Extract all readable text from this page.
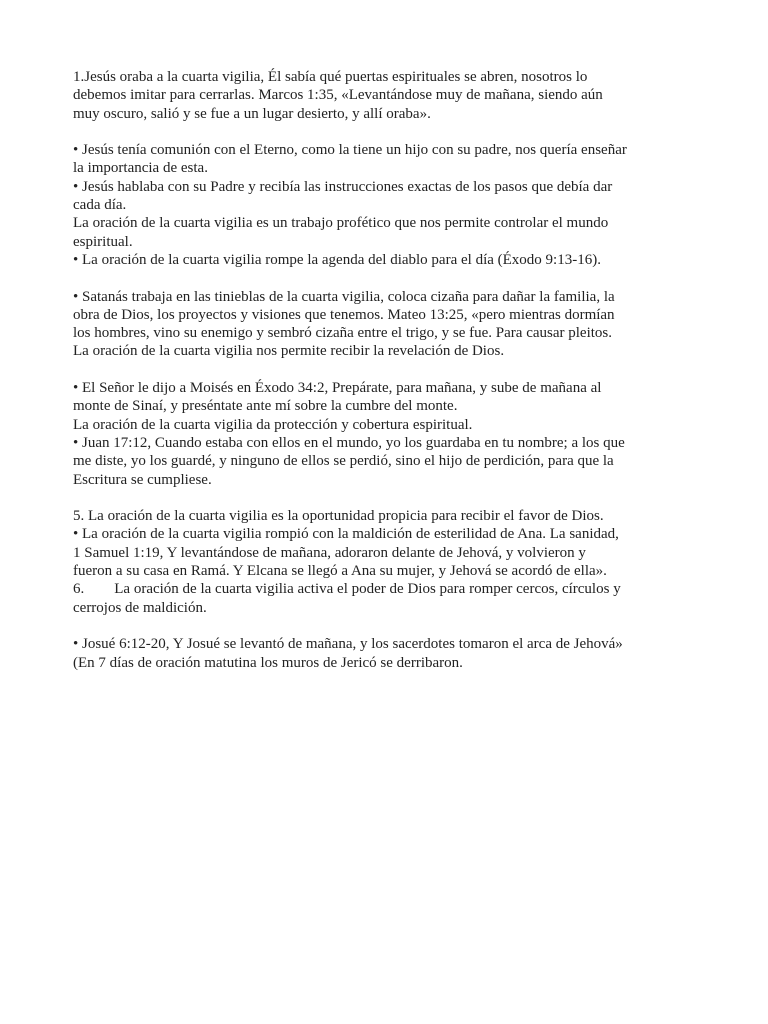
1.Jesús oraba a la cuarta vigilia, Él sabía qué puertas espirituales se abren, nosotros lo
debemos imitar para cerrarlas. Marcos 1:35, «Levantándose muy de mañana, siendo aún
muy oscuro, salió y se fue a un lugar desierto, y allí oraba».
• Jesús tenía comunión con el Eterno, como la tiene un hijo con su padre, nos quería enseñar
la importancia de esta.
• Jesús hablaba con su Padre y recibía las instrucciones exactas de los pasos que debía dar
cada día.
La oración de la cuarta vigilia es un trabajo profético que nos permite controlar el mundo
espiritual.
• La oración de la cuarta vigilia rompe la agenda del diablo para el día (Éxodo 9:13-16).
• Satanás trabaja en las tinieblas de la cuarta vigilia, coloca cizaña para dañar la familia, la
obra de Dios, los proyectos y visiones que tenemos. Mateo 13:25, «pero mientras dormían
los hombres, vino su enemigo y sembró cizaña entre el trigo, y se fue. Para causar pleitos.
La oración de la cuarta vigilia nos permite recibir la revelación de Dios.
• El Señor le dijo a Moisés en Éxodo 34:2, Prepárate, para mañana, y sube de mañana al
monte de Sinaí, y preséntate ante mí sobre la cumbre del monte.
La oración de la cuarta vigilia da protección y cobertura espiritual.
• Juan 17:12, Cuando estaba con ellos en el mundo, yo los guardaba en tu nombre; a los que
me diste, yo los guardé, y ninguno de ellos se perdió, sino el hijo de perdición, para que la
Escritura se cumpliese.
5. La oración de la cuarta vigilia es la oportunidad propicia para recibir el favor de Dios.
• La oración de la cuarta vigilia rompió con la maldición de esterilidad de Ana. La sanidad,
1 Samuel 1:19, Y levantándose de mañana, adoraron delante de Jehová, y volvieron y
fueron a su casa en Ramá. Y Elcana se llegó a Ana su mujer, y Jehová se acordó de ella».
6.        La oración de la cuarta vigilia activa el poder de Dios para romper cercos, círculos y
cerrojos de maldición.
• Josué 6:12-20, Y Josué se levantó de mañana, y los sacerdotes tomaron el arca de Jehová»
(En 7 días de oración matutina los muros de Jericó se derribaron.
